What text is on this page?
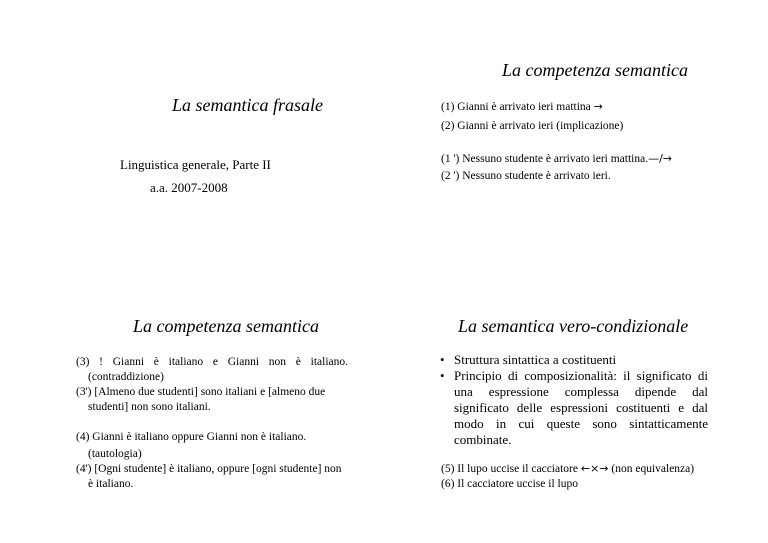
La semantica frasale
Linguistica generale, Parte II
a.a. 2007-2008
La competenza semantica
(1) Gianni è arrivato ieri mattina →
(2) Gianni è arrivato ieri (implicazione)
(1 ') Nessuno studente è arrivato ieri mattina.—/→
(2 ') Nessuno studente è arrivato ieri.
La competenza semantica
(3) ! Gianni è italiano e Gianni non è italiano. (contraddizione)
(3') [Almeno due studenti] sono italiani e [almeno due studenti] non sono italiani.
(4) Gianni è italiano oppure Gianni non è italiano.
(tautologia)
(4') [Ogni studente] è italiano, oppure [ogni studente] non è italiano.
La semantica vero-condizionale
• Struttura sintattica a costituenti
• Principio di composizionalità: il significato di una espressione complessa dipende dal significato delle espressioni costituenti e dal modo in cui queste sono sintatticamente combinate.
(5) Il lupo uccise il cacciatore ←×→ (non equivalenza)
(6) Il cacciatore uccise il lupo
